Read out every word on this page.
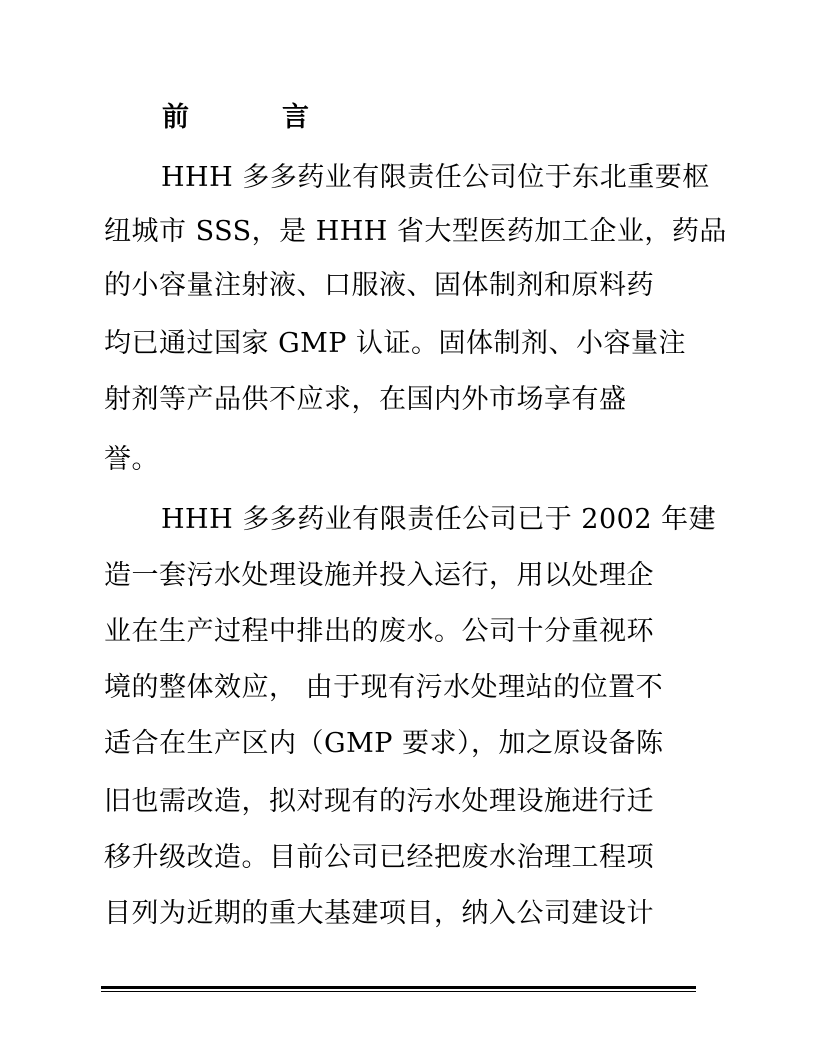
前	言
HHH 多多药业有限责任公司位于东北重要枢
纽城市 SSS，是 HHH 省大型医药加工企业，药品
的小容量注射液、口服液、固体制剂和原料药
均已通过国家 GMP 认证。固体制剂、小容量注
射剂等产品供不应求，在国内外市场享有盛
誉。
HHH 多多药业有限责任公司已于 2002 年建
造一套污水处理设施并投入运行，用以处理企
业在生产过程中排出的废水。公司十分重视环
境的整体效应， 由于现有污水处理站的位置不
适合在生产区内（GMP 要求），加之原设备陈
旧也需改造，拟对现有的污水处理设施进行迁
移升级改造。目前公司已经把废水治理工程项
目列为近期的重大基建项目，纳入公司建设计
